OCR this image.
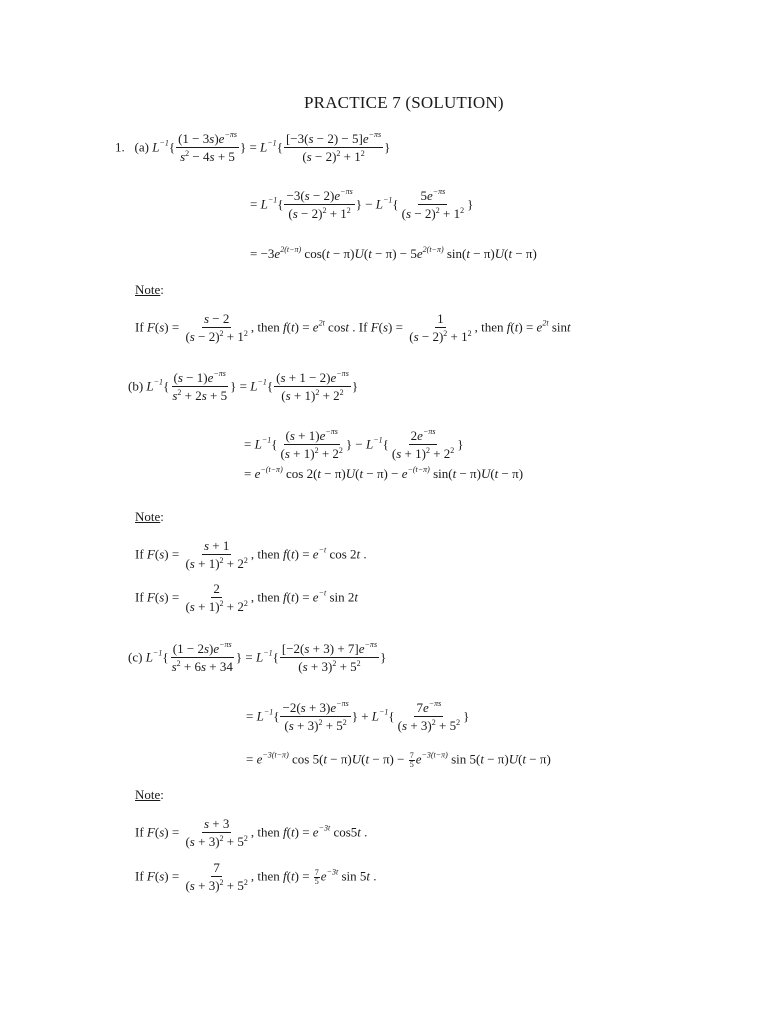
PRACTICE 7 (SOLUTION)
1. (a) $L^{-1}\{ \frac{(1 - 3s)e^{-\pi s}}{s^2 - 4s + 5}$ } = $L^{-1}\{ \frac{[-3(s - 2) - 5]e^{-\pi s}}{(s - 2)^2 + 1^2}$ }
= $L^{-1}\{ \frac{-3(s - 2)e^{-\pi s}}{(s - 2)^2 + 1^2}$ } − $L^{-1}\{ \frac{5e^{-\pi s}}{(s - 2)^2 + 1^2}$ }
= $-3e^{2(t-\pi)}$ $\cos(t - \pi)U(t - \pi) - 5e^{2(t-\pi)}$ sin(t − π)U(t − π)
Note:
If $F(s) = \frac{s - 2}{(s - 2)^2 + 1^2}$ , then $f(t) = e^{2t}$ cost . If $F(s) = \frac{1}{(s - 2)^2 + 1^2}$ , then $f(t) = e^{2t}$ sint
(b) $L^{-1}\{ \frac{(s - 1)e^{-\pi s}}{s^2 + 2s + 5}$ } = $L^{-1}\{ \frac{(s + 1 - 2)e^{-\pi s}}{(s + 1)^2 + 2^2}$ }
= $L^{-1}\{ \frac{(s + 1)e^{-\pi s}}{(s + 1)^2 + 2^2}$ } − $L^{-1}\{ \frac{2e^{-\pi s}}{(s + 1)^2 + 2^2}$ }
= $e^{-(t-\pi)}$ $\cos 2(t - \pi)U(t - \pi) - e^{-(t-\pi)}$ sin(t − π)U(t − π)
Note:
If $F(s) = \frac{s + 1}{(s + 1)^2 + 2^2}$ , then $f(t) = e^{-t}$ cos 2t .
If $F(s) = \frac{2}{(s + 1)^2 + 2^2}$ , then $f(t) = e^{-t}$ sin 2t
(c) $L^{-1}\{ \frac{(1 - 2s)e^{-\pi s}}{s^2 + 6s + 34}$ } = $L^{-1}\{ \frac{[-2(s + 3) + 7]e^{-\pi s}}{(s + 3)^2 + 5^2}$ }
= $L^{-1}\{ \frac{-2(s + 3)e^{-\pi s}}{(s + 3)^2 + 5^2}$ } + $L^{-1}\{ \frac{7e^{-\pi s}}{(s + 3)^2 + 5^2}$ }
= $e^{-3(t-\pi)}$ $\cos 5(t - \pi)U(t - \pi) - \frac{7}{5} e^{-3(t-\pi)}$ sin 5(t − π)U(t − π)
Note:
If $F(s) = \frac{s + 3}{(s + 3)^2 + 5^2}$ , then $f(t) = e^{-3t}$ cos5t .
If $F(s) = \frac{7}{(s + 3)^2 + 5^2}$ , then $f(t) = \frac{7}{5} e^{-3t}$ sin 5t .
